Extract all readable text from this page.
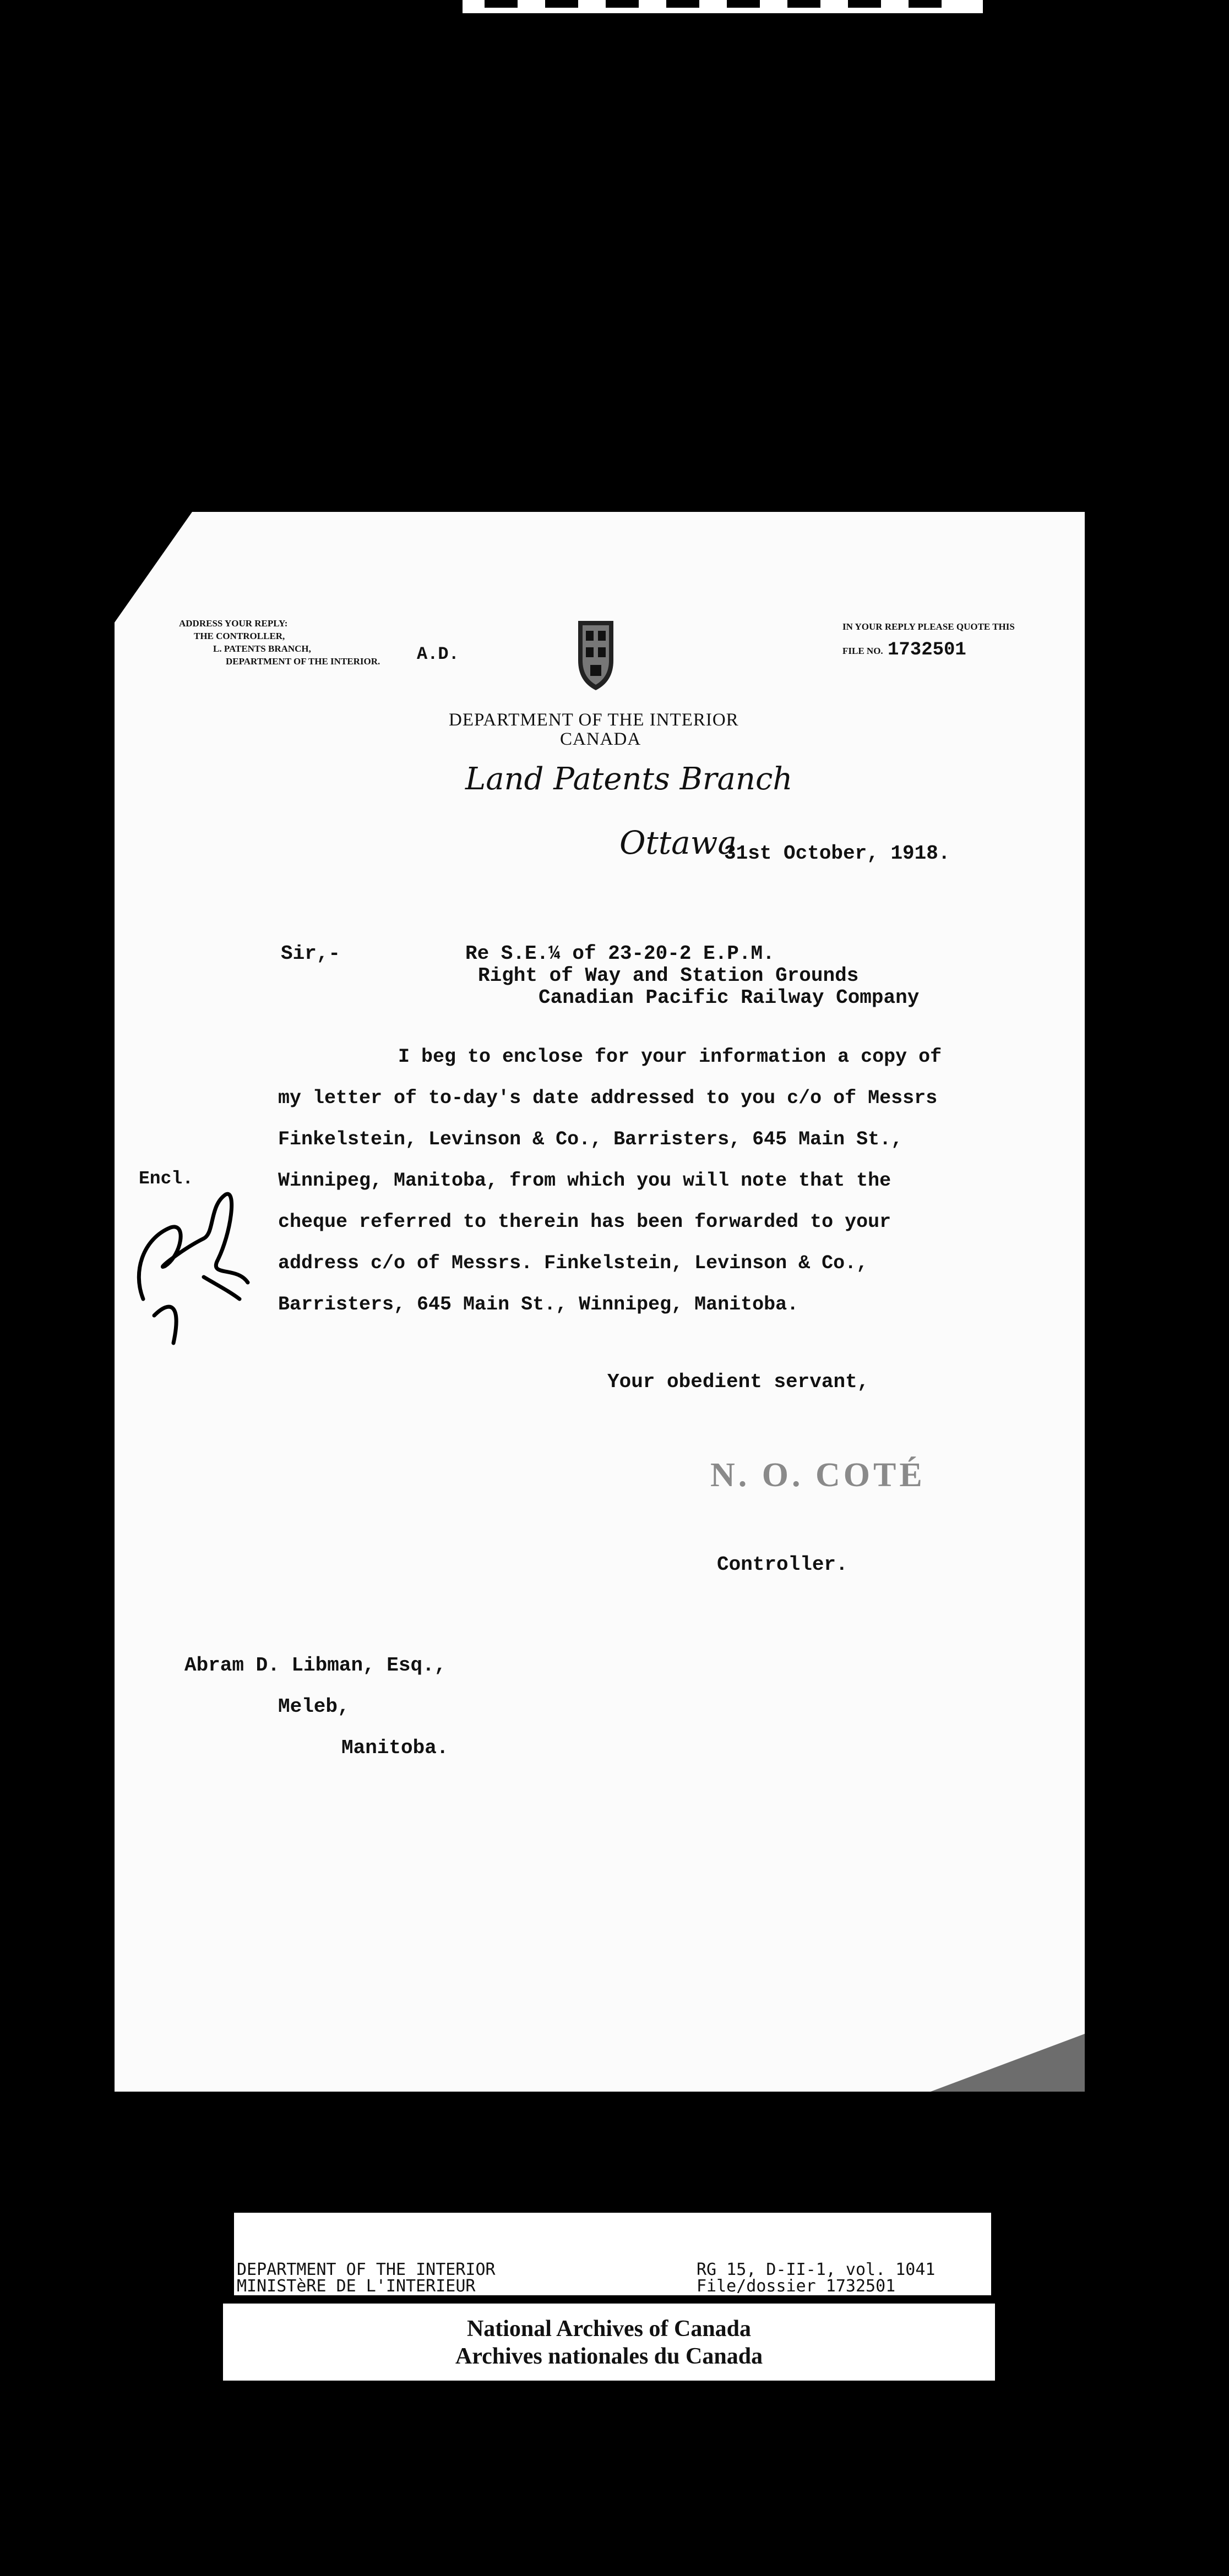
ADDRESS YOUR REPLY:
THE CONTROLLER,
L. PATENTS BRANCH,
DEPARTMENT OF THE INTERIOR. A.D.
IN YOUR REPLY PLEASE QUOTE THIS
FILE NO. 1732501
DEPARTMENT OF THE INTERIOR
CANADA
Land Patents Branch
Ottawa
31st October, 1918.
Sir,-	Re S.E.¼ of 23-20-2 E.P.M.
Right of Way and Station Grounds
Canadian Pacific Railway Company
I beg to enclose for your information a copy of
my letter of to-day's date addressed to you c/o of Messrs
Finkelstein, Levinson & Co., Barristers, 645 Main St.,
Winnipeg, Manitoba, from which you will note that the
cheque referred to therein has been forwarded to your
address c/o of Messrs. Finkelstein, Levinson & Co.,
Barristers, 645 Main St., Winnipeg, Manitoba.
Encl.
Your obedient servant,
N. O. COTÉ
Controller.
Abram D. Libman, Esq.,
Meleb,
Manitoba.
DEPARTMENT OF THE INTERIOR
MINISTèRE DE L'INTERIEUR
RG 15, D-II-1, vol. 1041
File/dossier 1732501
National Archives of Canada
Archives nationales du Canada
